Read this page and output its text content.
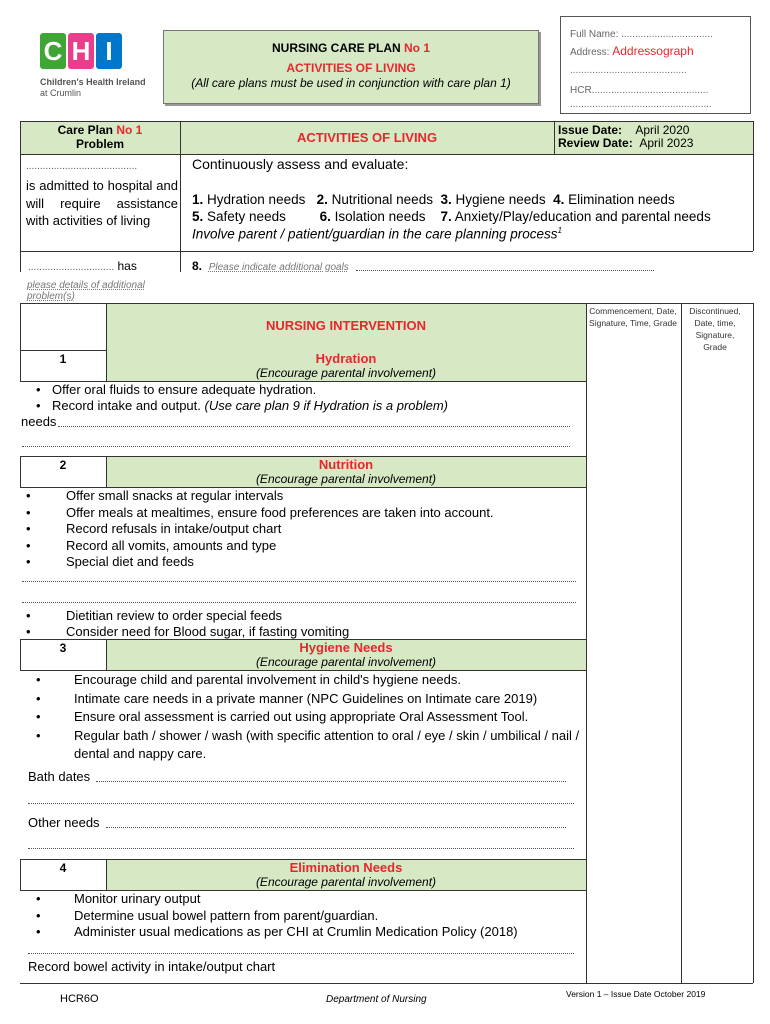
C H I
Children's Health Ireland
at Crumlin
NURSING CARE PLAN No 1
ACTIVITIES OF LIVING
(All care plans must be used in conjunction with care plan 1)
Full Name: .................................
Address: Addressograph
..........................................
HCR..........................................
...................................................
Care Plan No 1
Problem	ACTIVITIES OF LIVING	Issue Date: April 2020
Review Date: April 2023
........................................
is admitted to hospital and will require assistance with activities of living
Continuously assess and evaluate:
1. Hydration needs 2. Nutritional needs 3. Hygiene needs 4. Elimination needs
5. Safety needs	6. Isolation needs 7. Anxiety/Play/education and parental needs
Involve parent / patient/guardian in the care planning process$^1$
............................... has
please details of additional problem(s)
8. Please indicate additional goals
NURSING INTERVENTION
Commencement, Date, Signature, Time, Grade
Discontinued, Date, time, Signature, Grade
1	Hydration
(Encourage parental involvement)
• Offer oral fluids to ensure adequate hydration.
• Record intake and output. (Use care plan 9 if Hydration is a problem)
needs
2	Nutrition
(Encourage parental involvement)
• Offer small snacks at regular intervals
• Offer meals at mealtimes, ensure food preferences are taken into account.
• Record refusals in intake/output chart
• Record all vomits, amounts and type
• Special diet and feeds
• Dietitian review to order special feeds
• Consider need for Blood sugar, if fasting vomiting
3	Hygiene Needs
(Encourage parental involvement)
• Encourage child and parental involvement in child's hygiene needs.
• Intimate care needs in a private manner (NPC Guidelines on Intimate care 2019)
• Ensure oral assessment is carried out using appropriate Oral Assessment Tool.
• Regular bath / shower / wash (with specific attention to oral / eye / skin / umbilical / nail / dental and nappy care.
Bath dates
Other needs
4	Elimination Needs
(Encourage parental involvement)
• Monitor urinary output
• Determine usual bowel pattern from parent/guardian.
• Administer usual medications as per CHI at Crumlin Medication Policy (2018)
Record bowel activity in intake/output chart
HCR6O	Department of Nursing	Version 1 – Issue Date October 2019
